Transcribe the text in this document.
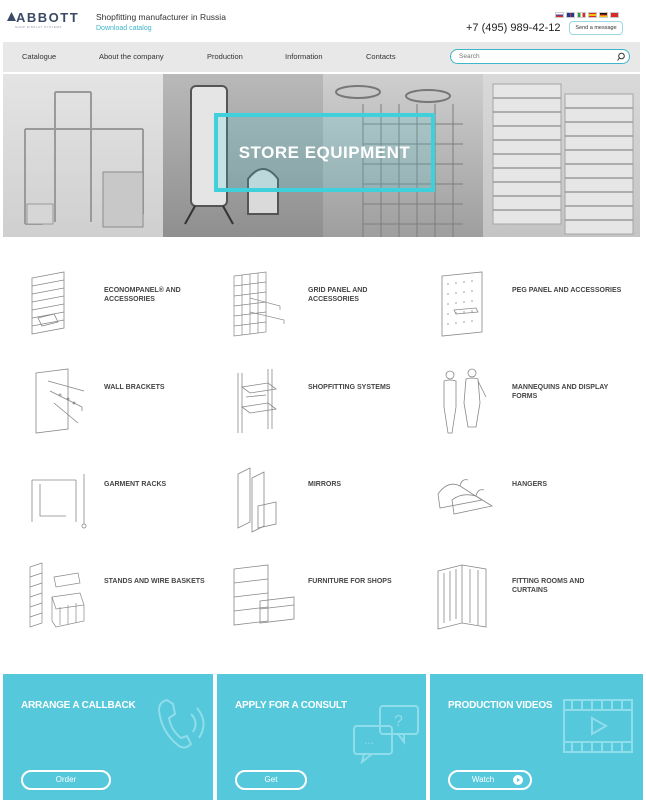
ABBOTT
SHOP DISPLAY SYSTEMS
Shopfitting manufacturer in Russia
Download catalog	+7 (495) 989-42-12	Send a message
Catalogue	About the company	Production	Information	Contacts
Search
STORE EQUIPMENT
ECONOMPANEL® AND ACCESSORIES
GRID PANEL AND ACCESSORIES
PEG PANEL AND ACCESSORIES
WALL BRACKETS	SHOPFITTING SYSTEMS	MANNEQUINS AND DISPLAY FORMS
GARMENT RACKS	MIRRORS	HANGERS
STANDS AND WIRE BASKETS	FURNITURE FOR SHOPS	FITTING ROOMS AND CURTAINS
ARRANGE A CALLBACK
Order
?
...
APPLY FOR A CONSULT
Get
PRODUCTION VIDEOS
Watch
